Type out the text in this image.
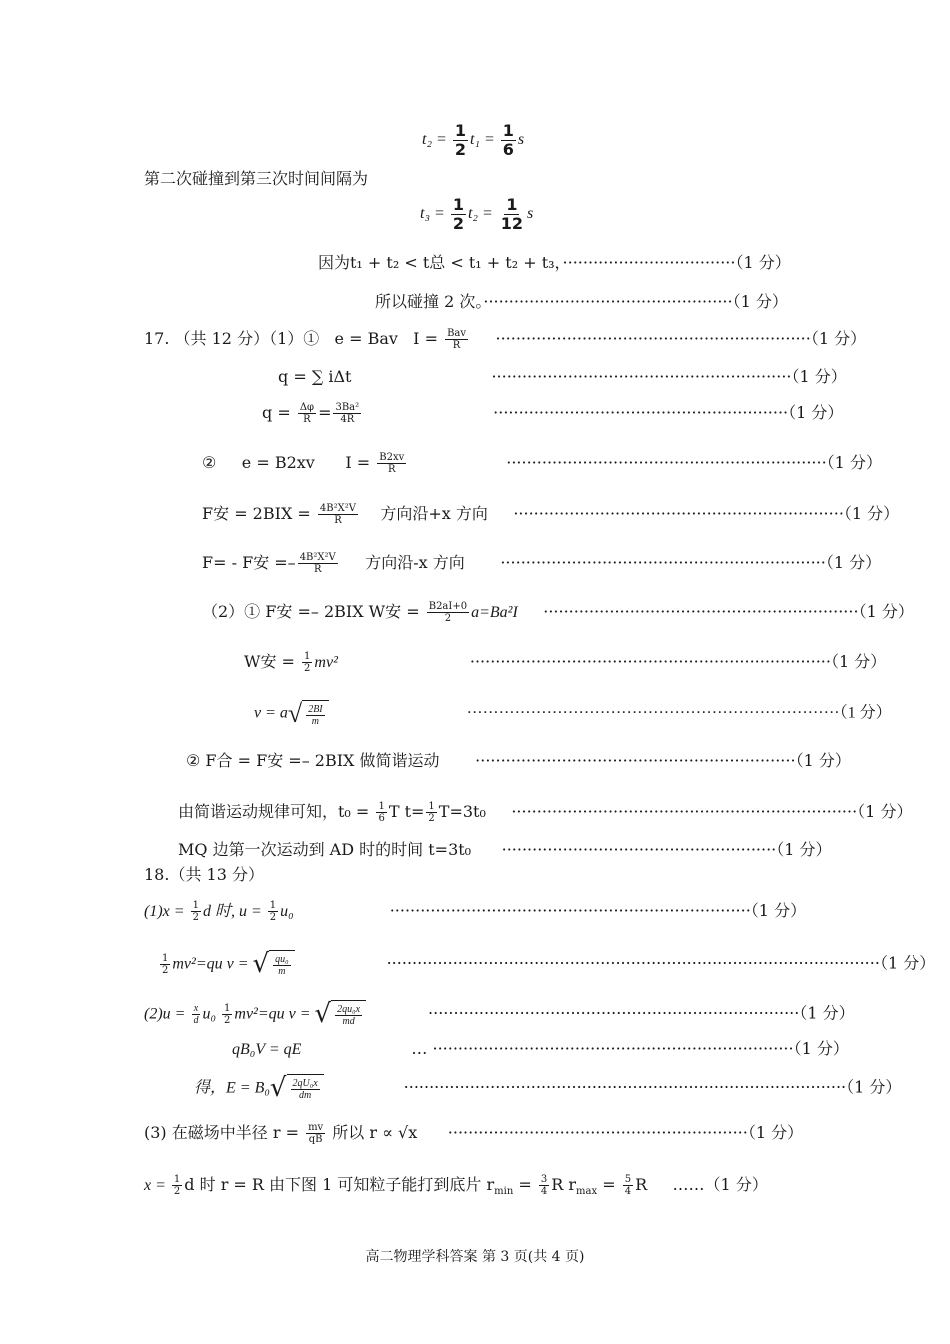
$t_2 = \frac{1}{2} t_1 = \frac{1}{6}$ s
第二次碰撞到第三次时间间隔为
$t_3 = \frac{1}{2} t_2 = \frac{1}{12}$ s
因为t₁ + t₂ < t总 < t₁ + t₂ + t₃，··································（1 分）
所以碰撞 2 次。·················································（1 分）
17. （共 12 分）（1）① e = Bav I = Bav
R ······························································（1 分）
q = ∑ iΔt	···························································（1 分）
$q = \frac{\Delta\varphi}{R} = \frac{\text{3Ba²}}{4R}$	··························································（1 分）
② e = B2xv $I = \frac{B2xv}{R}$	·······························································（1 分）
F安 = $2BIX = \frac{\text{4B²X²V}}{R}$ 方向沿+x 方向 ·································································（1 分）
F= - F安 =– $\frac{\text{4B²X²V}}{R}$ 方向沿-x 方向 ································································（1 分）
（2）① F安 =– 2BIX W安 = $\frac{B2aI+0}{2} a=Ba^2I \cdot\cdot\cdot\cdot\cdot\cdot\cdot\cdot\cdot\cdot\cdot\cdot\cdot\cdot\cdot\cdot\cdot\cdot\cdot\cdot\cdot\cdot\cdot\cdot\cdot\cdot\cdot\cdot\cdot\cdot\cdot\cdot\cdot\cdot\cdot\cdot\cdot\cdot\cdot\cdot\cdot\cdot\cdot\cdot\cdot\cdot\cdot\cdot\cdot\cdot\cdot\cdot\cdot\cdot\cdot\cdot\cdot\cdot\cdot\cdot\cdot\cdot(1$ 分）
W安 = $\frac{1}{2} mv^2$	·······································································（1 分）
v = a √ 2BI
m	······································································（1 分）
② F合 = F安 =– 2BIX 做简谐运动 ·······························································（1 分）
由简谐运动规律可知，$t_0 = \frac{1}{6}$ T $t= \frac{1}{2} T=3t_0 \cdot\cdot\cdot\cdot\cdot\cdot\cdot\cdot\cdot\cdot\cdot\cdot\cdot\cdot\cdot\cdot\cdot\cdot\cdot\cdot\cdot\cdot\cdot\cdot\cdot\cdot\cdot\cdot\cdot\cdot\cdot\cdot\cdot\cdot\cdot\cdot\cdot\cdot\cdot\cdot\cdot\cdot\cdot\cdot\cdot\cdot\cdot\cdot\cdot\cdot\cdot\cdot\cdot\cdot\cdot\cdot\cdot\cdot\cdot\cdot\cdot\cdot\cdot\cdot\cdot\cdot\cdot\cdot(1$ 分）
MQ 边第一次运动到 AD 时的时间 t=3t₀ ······················································（1 分）
18.（共 13 分）
$(1)x = \frac{1}{2}$ d 时, $u = \frac{1}{2} u_0$	·······································································（1 分）
$\frac{1}{2} mv^2=qu$ v = √ qu₀
m	·································································································（1 分）
$(2)u = \frac{x}{d} u_0 \frac{1}{2} mv^2=qu$ v = √ 2qu₀x
md	·········································································（1 分）
qB₀V = qE	… ·······································································（1 分）
得，E = B₀ √ 2qU₀x
dm	·······················································································（1 分）
(3) 在磁场中半径 $r = \frac{mv}{qB}$ 所以 r ∝ √x ···························································（1 分）
$x = \frac{1}{2}$ d 时 r = R 由下图 1 可知粒子能打到底片 $r_{min} = \frac{3}{4}$ R $r_{max} = \frac{5}{4}$ R ……（1 分）
高二物理学科答案 第 3 页(共 4 页)
